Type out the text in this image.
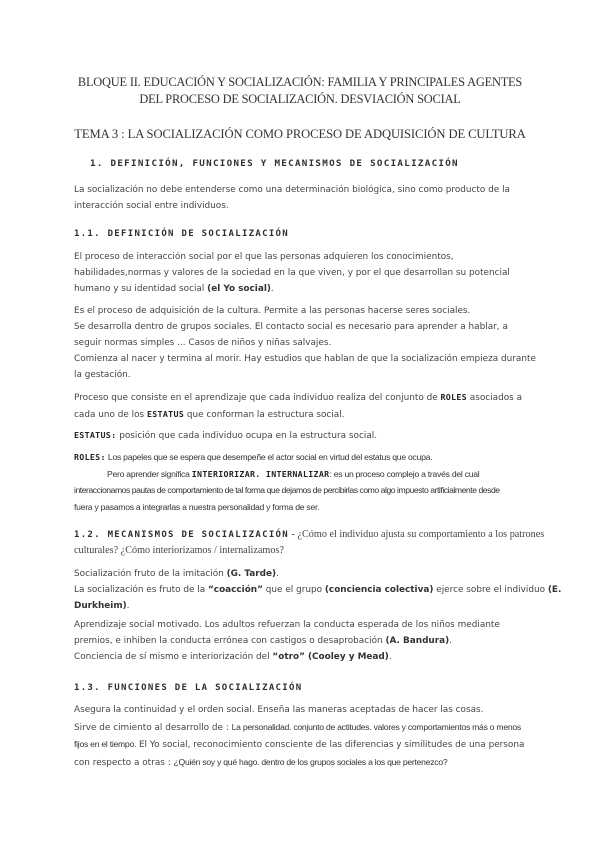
BLOQUE II. EDUCACIÓN Y SOCIALIZACIÓN: FAMILIA Y PRINCIPALES AGENTES
DEL PROCESO DE SOCIALIZACIÓN. DESVIACIÓN SOCIAL
TEMA 3 : LA SOCIALIZACIÓN COMO PROCESO DE ADQUISICIÓN DE CULTURA
1. DEFINICIÓN, FUNCIONES Y MECANISMOS DE SOCIALIZACIÓN
La socialización no debe entenderse como una determinación biológica, sino como producto de la
interacción social entre individuos.
1.1. DEFINICIÓN DE SOCIALIZACIÓN
El proceso de interacción social por el que las personas adquieren los conocimientos,
habilidades,normas y valores de la sociedad en la que viven, y por el que desarrollan su potencial
humano y su identidad social (el Yo social).
Es el proceso de adquisición de la cultura. Permite a las personas hacerse seres sociales.
Se desarrolla dentro de grupos sociales. El contacto social es necesario para aprender a hablar, a
seguir normas simples ... Casos de niños y niñas salvajes.
Comienza al nacer y termina al morir. Hay estudios que hablan de que la socialización empieza durante
la gestación.
Proceso que consiste en el aprendizaje que cada individuo realiza del conjunto de ROLES asociados a
cada uno de los ESTATUS que conforman la estructura social.
ESTATUS: posición que cada individuo ocupa en la estructura social.
ROLES: Los papeles que se espera que desempeñe el actor social en virtud del estatus que ocupa.
Pero aprender significa INTERIORIZAR. INTERNALIZAR: es un proceso complejo a través del cual
interaccionamos pautas de comportamiento de tal forma que dejamos de percibirlas como algo impuesto artificialmente desde
fuera y pasamos a integrarlas a nuestra personalidad y forma de ser.
1.2. MECANISMOS DE SOCIALIZACIÓN - ¿Cómo el individuo ajusta su comportamiento a los patrones
culturales? ¿Cómo interiorizamos / internalizamos?
Socialización fruto de la imitación (G. Tarde).
La socialización es fruto de la “coacción” que el grupo (conciencia colectiva) ejerce sobre el individuo (E.
Durkheim).
Aprendizaje social motivado. Los adultos refuerzan la conducta esperada de los niños mediante
premios, e inhiben la conducta errónea con castigos o desaprobación (A. Bandura).
Conciencia de sí mismo e interiorización del “otro” (Cooley y Mead).
1.3. FUNCIONES DE LA SOCIALIZACIÓN
Asegura la continuidad y el orden social. Enseña las maneras aceptadas de hacer las cosas.
Sirve de cimiento al desarrollo de : La personalidad. conjunto de actitudes. valores y comportamientos más o menos
fijos en el tiempo. El Yo social, reconocimiento consciente de las diferencias y similitudes de una persona
con respecto a otras : ¿Quién soy y qué hago. dentro de los grupos sociales a los que pertenezco?
